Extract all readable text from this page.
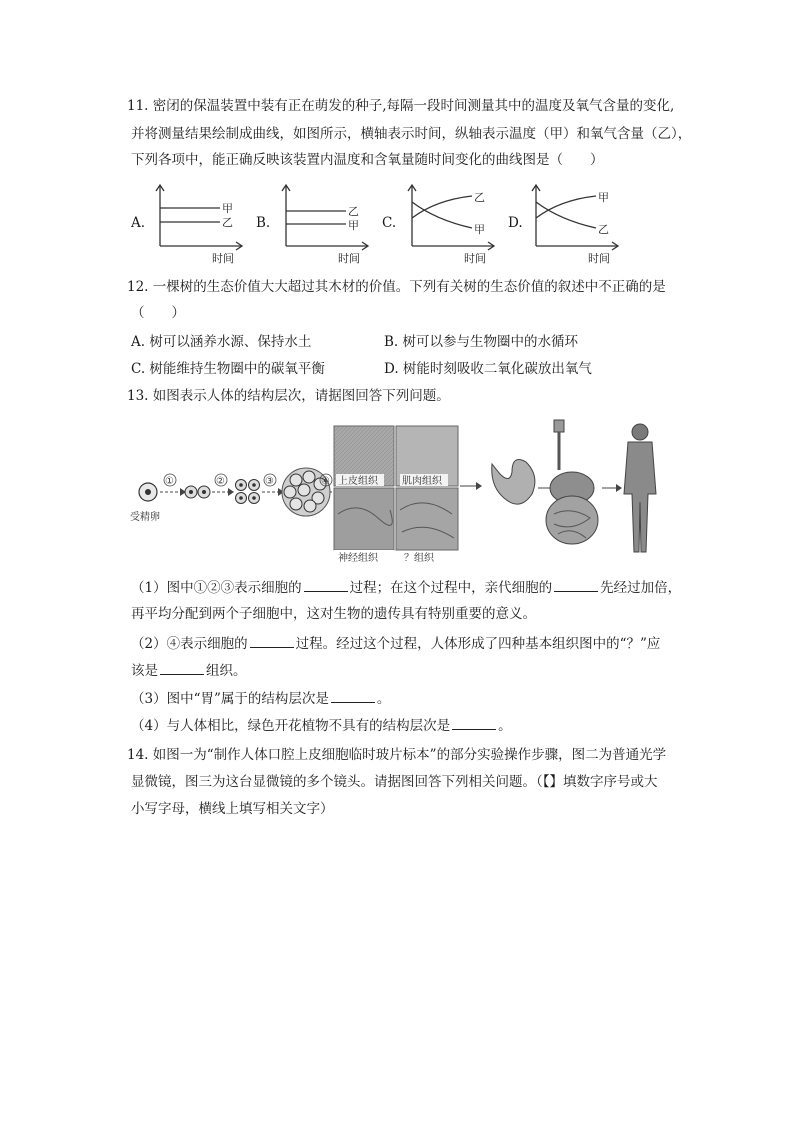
11. 密闭的保温装置中装有正在萌发的种子,每隔一段时间测量其中的温度及氧气含量的变化,
并将测量结果绘制成曲线，如图所示，横轴表示时间，纵轴表示温度（甲）和氧气含量（乙），
下列各项中，能正确反映该装置内温度和含氧量随时间变化的曲线图是（　　）
A.
甲
乙
时间
B.
乙
甲
时间
C.
乙
甲
时间
D.
甲
乙
时间
12. 一棵树的生态价值大大超过其木材的价值。下列有关树的生态价值的叙述中不正确的是
（　　）
A. 树可以涵养水源、保持水土	B. 树可以参与生物圈中的水循环
C. 树能维持生物圈中的碳氧平衡	D. 树能时刻吸收二氧化碳放出氧气
13. 如图表示人体的结构层次，请据图回答下列问题。
受精卵
①	②	③	上皮组织 肌肉组织
神经组织	？组织
④
（1）图中①②③表示细胞的	过程；在这个过程中，亲代细胞的	先经过加倍，
再平均分配到两个子细胞中，这对生物的遗传具有特别重要的意义。
（2）④表示细胞的	过程。经过这个过程，人体形成了四种基本组织图中的“？”应
该是	组织。
（3）图中“胃”属于的结构层次是	。
（4）与人体相比，绿色开花植物不具有的结构层次是	。
14. 如图一为“制作人体口腔上皮细胞临时玻片标本”的部分实验操作步骤，图二为普通光学
显微镜，图三为这台显微镜的多个镜头。请据图回答下列相关问题。（【】填数字序号或大
小写字母，横线上填写相关文字）
